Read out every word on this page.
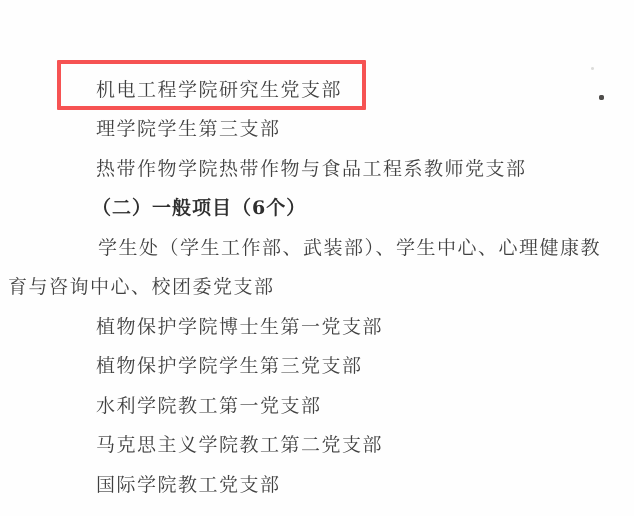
机电工程学院研究生党支部
理学院学生第三支部
热带作物学院热带作物与食品工程系教师党支部
（二）一般项目（6个）
学生处（学生工作部、武装部）、学生中心、心理健康教
育与咨询中心、校团委党支部
植物保护学院博士生第一党支部
植物保护学院学生第三党支部
水利学院教工第一党支部
马克思主义学院教工第二党支部
国际学院教工党支部
